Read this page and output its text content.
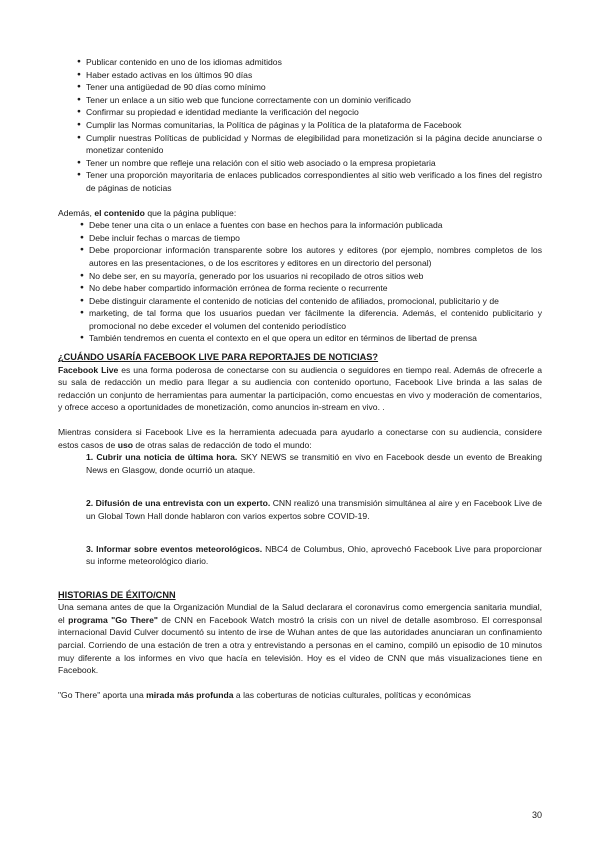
● Publicar contenido en uno de los idiomas admitidos
● Haber estado activas en los últimos 90 días
● Tener una antigüedad de 90 días como mínimo
● Tener un enlace a un sitio web que funcione correctamente con un dominio verificado
● Confirmar su propiedad e identidad mediante la verificación del negocio
● Cumplir las Normas comunitarias, la Política de páginas y la Política de la plataforma de Facebook
● Cumplir nuestras Políticas de publicidad y Normas de elegibilidad para monetización si la página decide anunciarse o monetizar contenido
● Tener un nombre que refleje una relación con el sitio web asociado o la empresa propietaria
● Tener una proporción mayoritaria de enlaces publicados correspondientes al sitio web verificado a los fines del registro de páginas de noticias

Además, el contenido que la página publique:

● Debe tener una cita o un enlace a fuentes con base en hechos para la información publicada
● Debe incluir fechas o marcas de tiempo
● Debe proporcionar información transparente sobre los autores y editores (por ejemplo, nombres completos de los autores en las presentaciones, o de los escritores y editores en un directorio del personal)
● No debe ser, en su mayoría, generado por los usuarios ni recopilado de otros sitios web
● No debe haber compartido información errónea de forma reciente o recurrente
● Debe distinguir claramente el contenido de noticias del contenido de afiliados, promocional, publicitario y de
● marketing, de tal forma que los usuarios puedan ver fácilmente la diferencia. Además, el contenido publicitario y promocional no debe exceder el volumen del contenido periodístico
● También tendremos en cuenta el contexto en el que opera un editor en términos de libertad de prensa
¿CUÁNDO USARÍA FACEBOOK LIVE PARA REPORTAJES DE NOTICIAS?

Facebook Live es una forma poderosa de conectarse con su audiencia o seguidores en tiempo real. Además de ofrecerle a su sala de redacción un medio para llegar a su audiencia con contenido oportuno, Facebook Live brinda a las salas de redacción un conjunto de herramientas para aumentar la participación, como encuestas en vivo y moderación de comentarios, y ofrece acceso a oportunidades de monetización, como anuncios in-stream en vivo. .

Mientras considera si Facebook Live es la herramienta adecuada para ayudarlo a conectarse con su audiencia, considere estos casos de uso de otras salas de redacción de todo el mundo:

1. Cubrir una noticia de última hora. SKY NEWS se transmitió en vivo en Facebook desde un evento de Breaking News en Glasgow, donde ocurrió un ataque.

2. Difusión de una entrevista con un experto. CNN realizó una transmisión simultánea al aire y en Facebook Live de un Global Town Hall donde hablaron con varios expertos sobre COVID-19.

3. Informar sobre eventos meteorológicos. NBC4 de Columbus, Ohio, aprovechó Facebook Live para proporcionar su informe meteorológico diario.

HISTORIAS DE ÉXITO/CNN

Una semana antes de que la Organización Mundial de la Salud declarara el coronavirus como emergencia sanitaria mundial, el programa "Go There" de CNN en Facebook Watch mostró la crisis con un nivel de detalle asombroso. El corresponsal internacional David Culver documentó su intento de irse de Wuhan antes de que las autoridades anunciaran un confinamiento parcial. Corriendo de una estación de tren a otra y entrevistando a personas en el camino, compiló un episodio de 10 minutos muy diferente a los informes en vivo que hacía en televisión. Hoy es el video de CNN que más visualizaciones tiene en Facebook.

"Go There" aporta una mirada más profunda a las coberturas de noticias culturales, políticas y económicas

30
